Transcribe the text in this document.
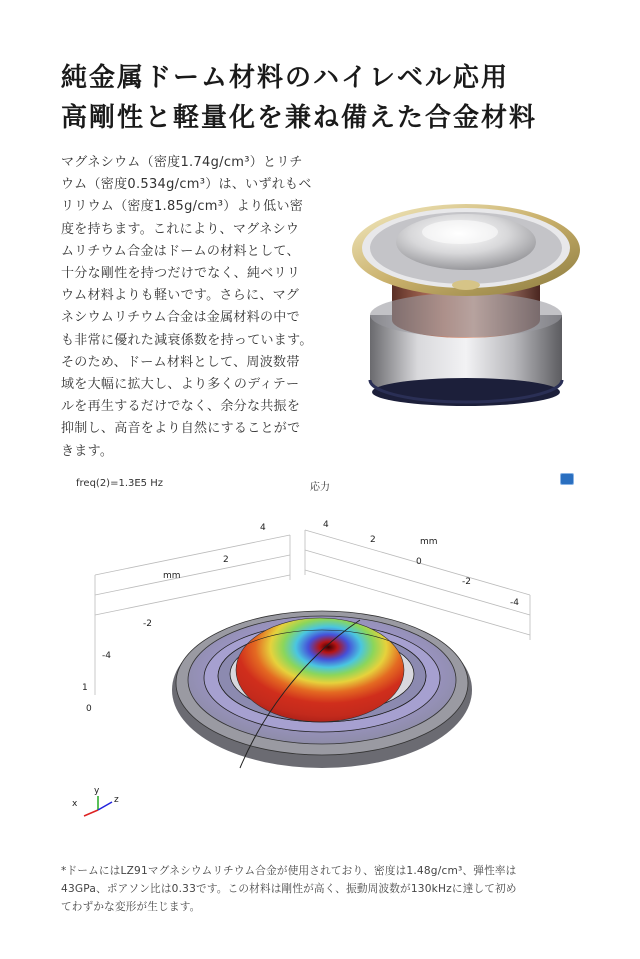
純金属ドーム材料のハイレベル応用
高剛性と軽量化を兼ね備えた合金材料
マグネシウム（密度1.74g/cm³）とリチ
ウム（密度0.534g/cm³）は、いずれもベ
リリウム（密度1.85g/cm³）より低い密
度を持ちます。これにより、マグネシウ
ムリチウム合金はドームの材料として、
十分な剛性を持つだけでなく、純ベリリ
ウム材料よりも軽いです。さらに、マグ
ネシウムリチウム合金は金属材料の中で
も非常に優れた減衰係数を持っています。
そのため、ドーム材料として、周波数帯
域を大幅に拡大し、より多くのディテー
ルを再生するだけでなく、余分な共振を
抑制し、高音をより自然にすることがで
きます。
freq(2)=1.3E5 Hz	応力
4
2
0
-2
-4
mm
4
2
-2
-4
mm
1
0
x
y
z
*ドームにはLZ91マグネシウムリチウム合金が使用されており、密度は1.48g/cm³、弾性率は
43GPa、ポアソン比は0.33です。この材料は剛性が高く、振動周波数が130kHzに達して初め
てわずかな変形が生じます。
